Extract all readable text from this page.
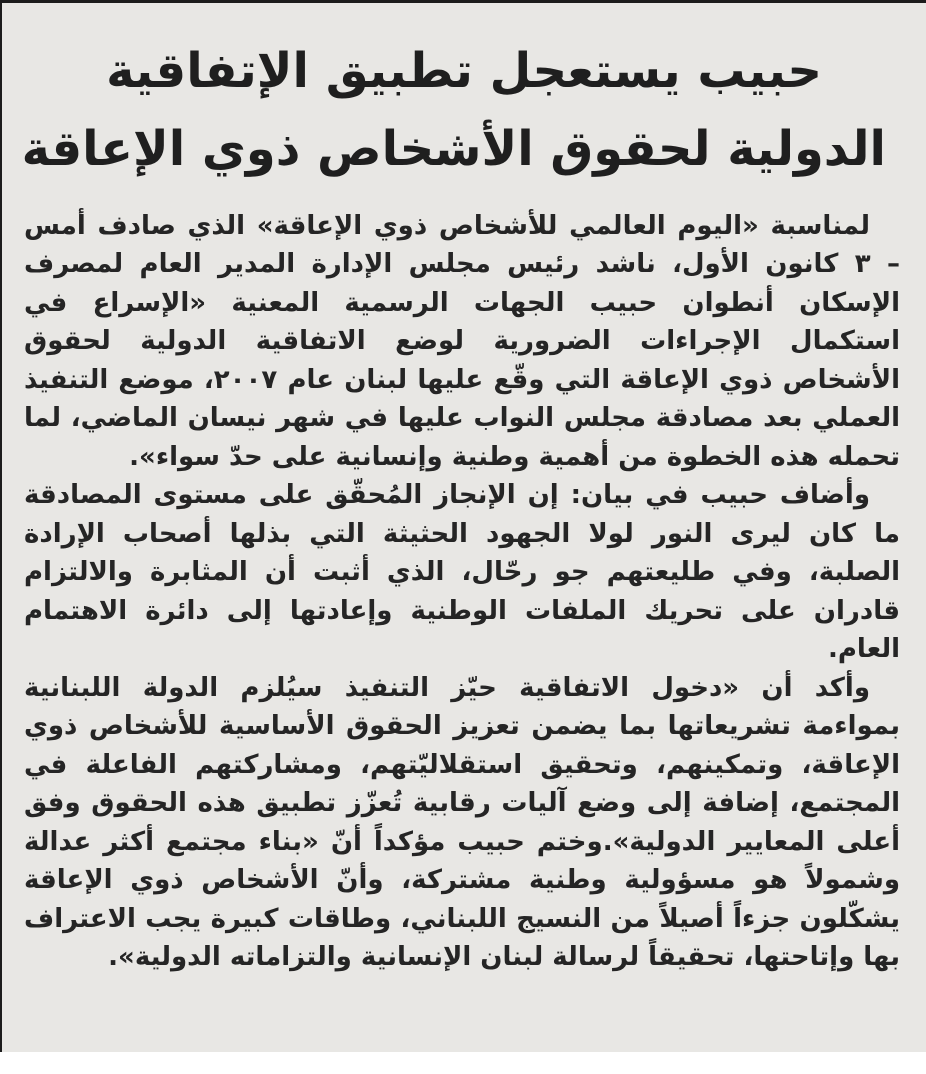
حبيب يستعجل تطبيق الإتفاقية
الدولية لحقوق الأشخاص ذوي الإعاقة

لمناسبة «اليوم العالمي للأشخاص ذوي الإعاقة» الذي صادف أمس – ٣ كانون الأول، ناشد رئيس مجلس الإدارة المدير العام لمصرف الإسكان أنطوان حبيب الجهات الرسمية المعنية «الإسراع في استكمال الإجراءات الضرورية لوضع الاتفاقية الدولية لحقوق الأشخاص ذوي الإعاقة التي وقّع عليها لبنان عام ٢٠٠٧، موضع التنفيذ العملي بعد مصادقة مجلس النواب عليها في شهر نيسان الماضي، لما تحمله هذه الخطوة من أهمية وطنية وإنسانية على حدّ سواء».

وأضاف حبيب في بيان: إن الإنجاز المُحقّق على مستوى المصادقة ما كان ليرى النور لولا الجهود الحثيثة التي بذلها أصحاب الإرادة الصلبة، وفي طليعتهم جو رحّال، الذي أثبت أن المثابرة والالتزام قادران على تحريك الملفات الوطنية وإعادتها إلى دائرة الاهتمام العام.

وأكد أن «دخول الاتفاقية حيّز التنفيذ سيُلزم الدولة اللبنانية بمواءمة تشريعاتها بما يضمن تعزيز الحقوق الأساسية للأشخاص ذوي الإعاقة، وتمكينهم، وتحقيق استقلاليّتهم، ومشاركتهم الفاعلة في المجتمع، إضافة إلى وضع آليات رقابية تُعزّز تطبيق هذه الحقوق وفق أعلى المعايير الدولية».وختم حبيب مؤكداً أنّ «بناء مجتمع أكثر عدالة وشمولاً هو مسؤولية وطنية مشتركة، وأنّ الأشخاص ذوي الإعاقة يشكّلون جزءاً أصيلاً من النسيج اللبناني، وطاقات كبيرة يجب الاعتراف بها وإتاحتها، تحقيقاً لرسالة لبنان الإنسانية والتزاماته الدولية».
